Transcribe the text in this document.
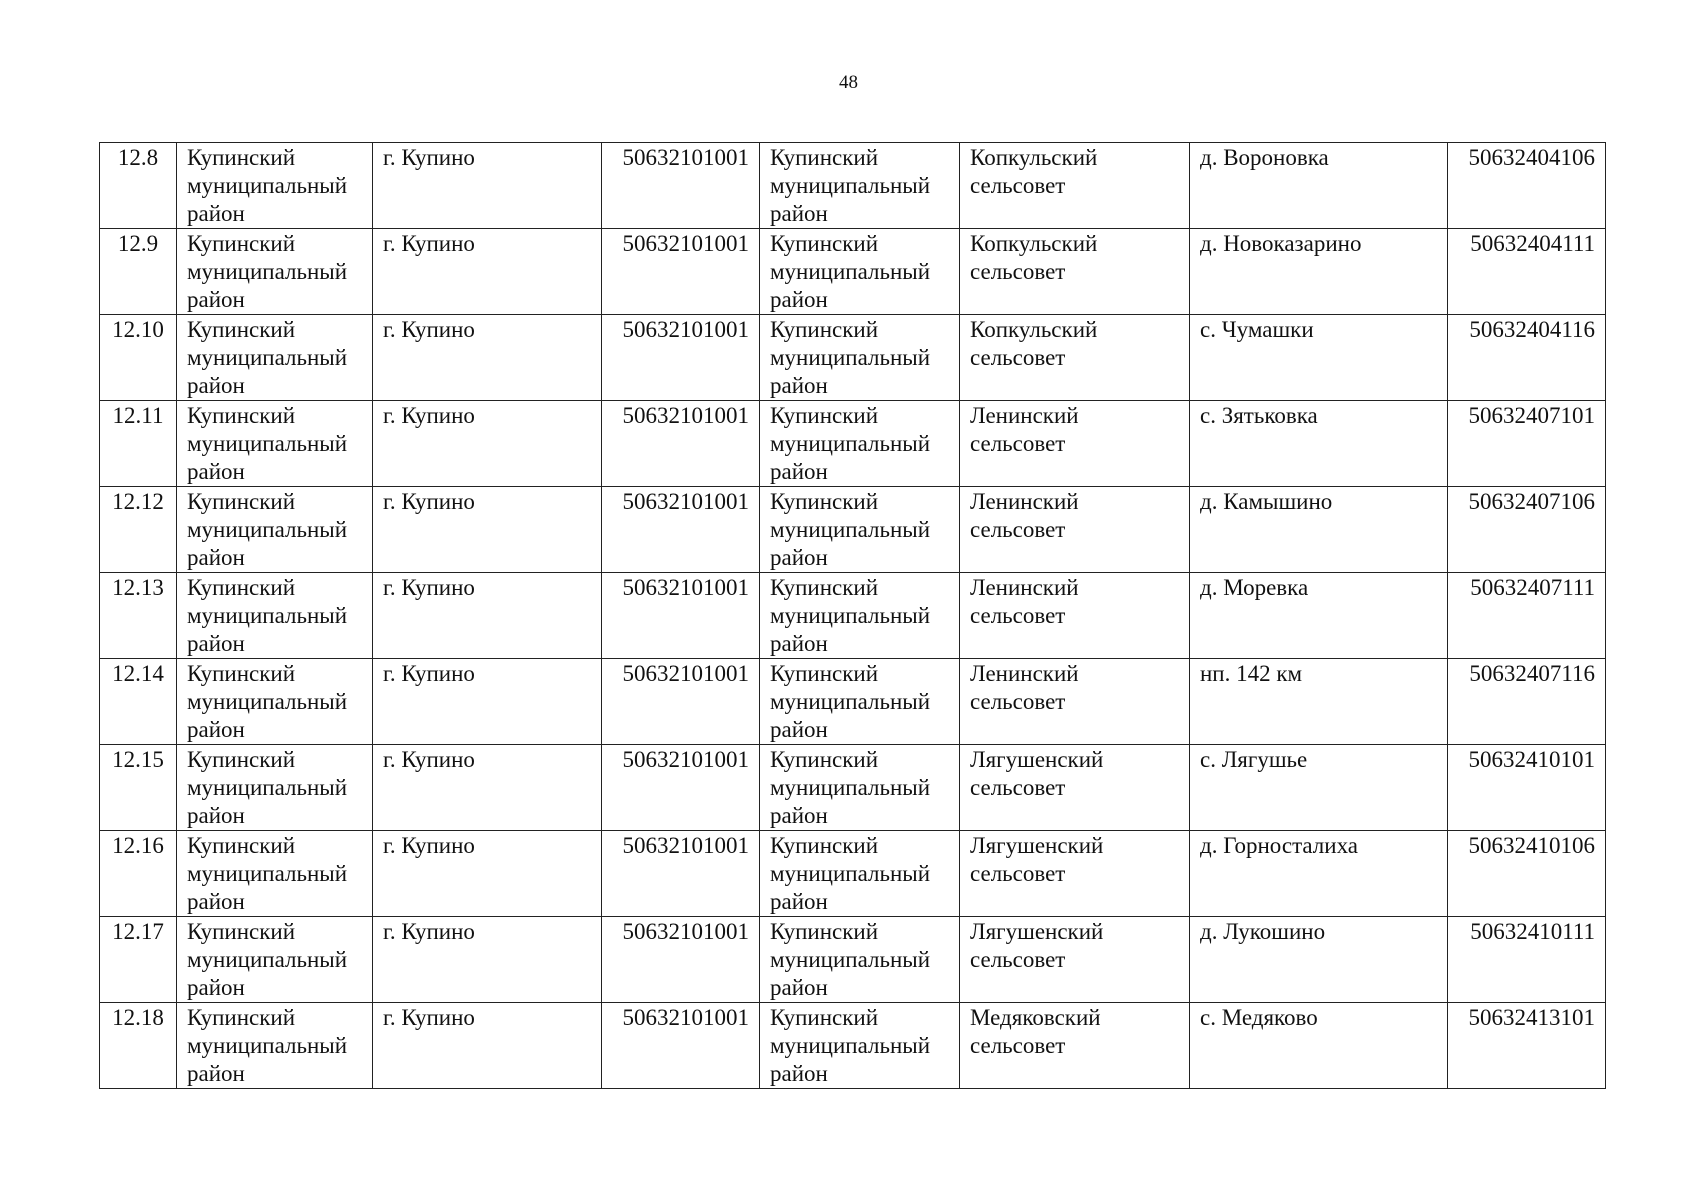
48
12.8	Купинский муниципальный район	г. Купино	50632101001	Купинский муниципальный район	Копкульский сельсовет	д. Вороновка	50632404106
12.9	Купинский муниципальный район	г. Купино	50632101001	Купинский муниципальный район	Копкульский сельсовет	д. Новоказарино	50632404111
12.10	Купинский муниципальный район	г. Купино	50632101001	Купинский муниципальный район	Копкульский сельсовет	с. Чумашки	50632404116
12.11	Купинский муниципальный район	г. Купино	50632101001	Купинский муниципальный район	Ленинский сельсовет	с. Зятьковка	50632407101
12.12	Купинский муниципальный район	г. Купино	50632101001	Купинский муниципальный район	Ленинский сельсовет	д. Камышино	50632407106
12.13	Купинский муниципальный район	г. Купино	50632101001	Купинский муниципальный район	Ленинский сельсовет	д. Моревка	50632407111
12.14	Купинский муниципальный район	г. Купино	50632101001	Купинский муниципальный район	Ленинский сельсовет	нп. 142 км	50632407116
12.15	Купинский муниципальный район	г. Купино	50632101001	Купинский муниципальный район	Лягушенский сельсовет	с. Лягушье	50632410101
12.16	Купинский муниципальный район	г. Купино	50632101001	Купинский муниципальный район	Лягушенский сельсовет	д. Горносталиха	50632410106
12.17	Купинский муниципальный район	г. Купино	50632101001	Купинский муниципальный район	Лягушенский сельсовет	д. Лукошино	50632410111
12.18	Купинский муниципальный район	г. Купино	50632101001	Купинский муниципальный район	Медяковский сельсовет	с. Медяково	50632413101
